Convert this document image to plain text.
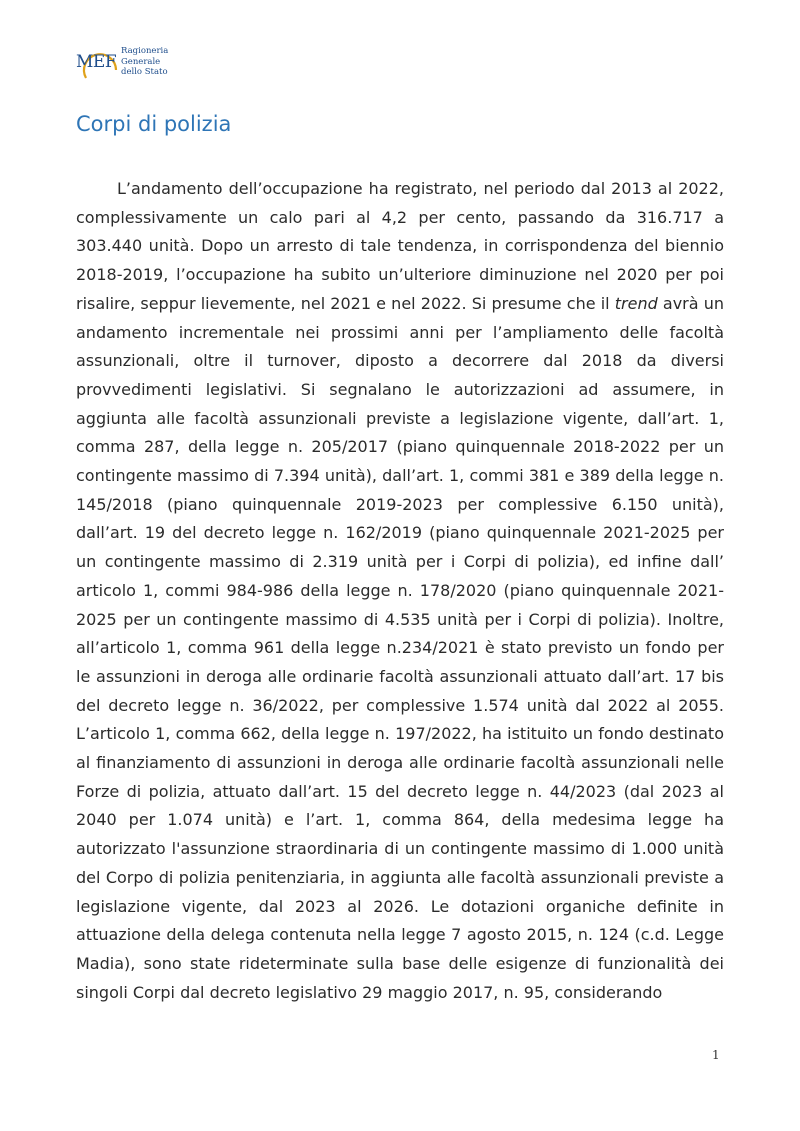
MEF
Ragioneria
Generale
dello Stato
Corpi di polizia

L’andamento dell’occupazione ha registrato, nel periodo dal 2013 al 2022, complessivamente un calo pari al 4,2 per cento, passando da 316.717 a 303.440 unità. Dopo un arresto di tale tendenza, in corrispondenza del biennio 2018-2019, l’occupazione ha subito un’ulteriore diminuzione nel 2020 per poi risalire, seppur lievemente, nel 2021 e nel 2022. Si presume che il trend avrà un andamento incrementale nei prossimi anni per l’ampliamento delle facoltà assunzionali, oltre il turnover, diposto a decorrere dal 2018 da diversi provvedimenti legislativi. Si segnalano le autorizzazioni ad assumere, in aggiunta alle facoltà assunzionali previste a legislazione vigente, dall’art. 1, comma 287, della legge n. 205/2017 (piano quinquennale 2018-2022 per un contingente massimo di 7.394 unità), dall’art. 1, commi 381 e 389 della legge n. 145/2018 (piano quinquennale 2019-2023 per complessive 6.150 unità), dall’art. 19 del decreto legge n. 162/2019 (piano quinquennale 2021-2025 per un contingente massimo di 2.319 unità per i Corpi di polizia), ed infine dall’ articolo 1, commi 984-986 della legge n. 178/2020 (piano quinquennale 2021-2025 per un contingente massimo di 4.535 unità per i Corpi di polizia). Inoltre, all’articolo 1, comma 961 della legge n.234/2021 è stato previsto un fondo per le assunzioni in deroga alle ordinarie facoltà assunzionali attuato dall’art. 17 bis del decreto legge n. 36/2022, per complessive 1.574 unità dal 2022 al 2055. L’articolo 1, comma 662, della legge n. 197/2022, ha istituito un fondo destinato al finanziamento di assunzioni in deroga alle ordinarie facoltà assunzionali nelle Forze di polizia, attuato dall’art. 15 del decreto legge n. 44/2023 (dal 2023 al 2040 per 1.074 unità) e l’art. 1, comma 864, della medesima legge ha autorizzato l'assunzione straordinaria di un contingente massimo di 1.000 unità del Corpo di polizia penitenziaria, in aggiunta alle facoltà assunzionali previste a legislazione vigente, dal 2023 al 2026. Le dotazioni organiche definite in attuazione della delega contenuta nella legge 7 agosto 2015, n. 124 (c.d. Legge Madia), sono state rideterminate sulla base delle esigenze di funzionalità dei singoli Corpi dal decreto legislativo 29 maggio 2017, n. 95, considerando

1
